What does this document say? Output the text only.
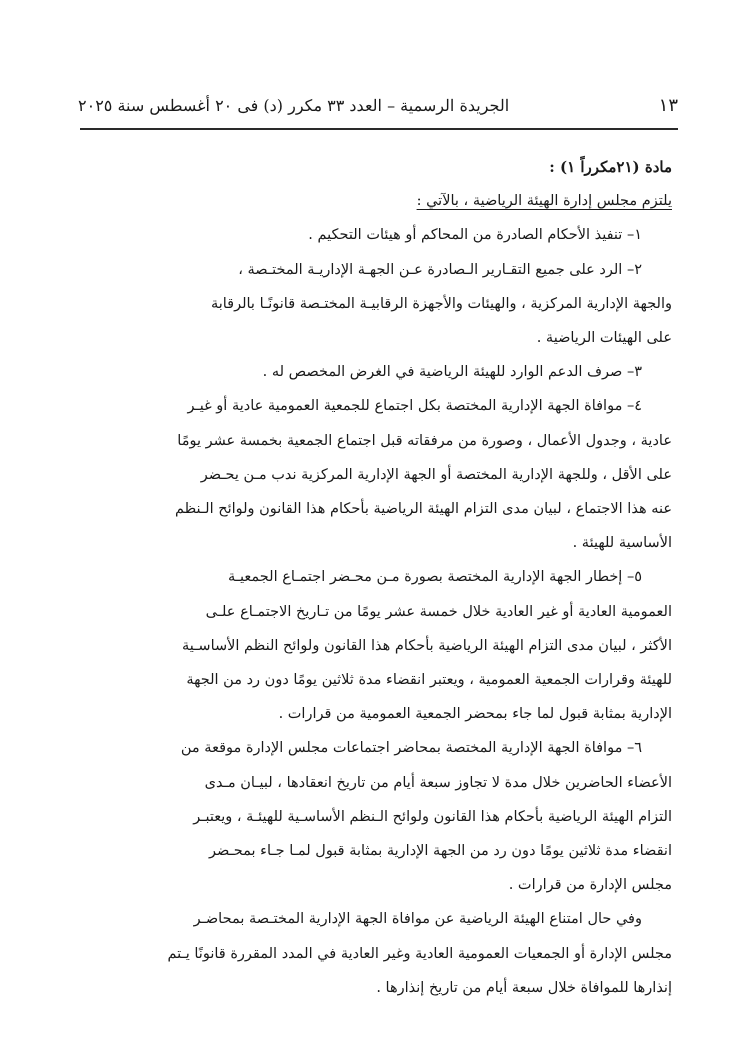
الجريدة الرسمية – العدد ٣٣ مكرر (د) فى ٢٠ أغسطس سنة ٢٠٢٥	١٣

مادة (٢١مكرراً ١) :

يلتزم مجلس إدارة الهيئة الرياضية ، بالآتي :

١– تنفيذ الأحكام الصادرة من المحاكم أو هيئات التحكيم .

٢– الرد على جميع التقـارير الـصادرة عـن الجهـة الإداريـة المختـصة ،

والجهة الإدارية المركزية ، والهيئات والأجهزة الرقابيـة المختـصة قانونًـا بالرقابة

على الهيئات الرياضية .

٣– صرف الدعم الوارد للهيئة الرياضية في الغرض المخصص له .

٤– موافاة الجهة الإدارية المختصة بكل اجتماع للجمعية العمومية عادية أو غيـر

عادية ، وجدول الأعمال ، وصورة من مرفقاته قبل اجتماع الجمعية بخمسة عشر يومًا

على الأقل ، وللجهة الإدارية المختصة أو الجهة الإدارية المركزية ندب مـن يحـضر

عنه هذا الاجتماع ، لبيان مدى التزام الهيئة الرياضية بأحكام هذا القانون ولوائح الـنظم

الأساسية للهيئة .

٥– إخطار الجهة الإدارية المختصة بصورة مـن محـضر اجتمـاع الجمعيـة

العمومية العادية أو غير العادية خلال خمسة عشر يومًا من تـاريخ الاجتمـاع علـى

الأكثر ، لبيان مدى التزام الهيئة الرياضية بأحكام هذا القانون ولوائح النظم الأساسـية

للهيئة وقرارات الجمعية العمومية ، ويعتبر انقضاء مدة ثلاثين يومًا دون رد من الجهة

الإدارية بمثابة قبول لما جاء بمحضر الجمعية العمومية من قرارات .

٦– موافاة الجهة الإدارية المختصة بمحاضر اجتماعات مجلس الإدارة موقعة من

الأعضاء الحاضرين خلال مدة لا تجاوز سبعة أيام من تاريخ انعقادها ، لبيـان مـدى

التزام الهيئة الرياضية بأحكام هذا القانون ولوائح الـنظم الأساسـية للهيئـة ، ويعتبـر

انقضاء مدة ثلاثين يومًا دون رد من الجهة الإدارية بمثابة قبول لمـا جـاء بمحـضر

مجلس الإدارة من قرارات .

وفي حال امتناع الهيئة الرياضية عن موافاة الجهة الإدارية المختـصة بمحاضـر

مجلس الإدارة أو الجمعيات العمومية العادية وغير العادية في المدد المقررة قانونًا يـتم

إنذارها للموافاة خلال سبعة أيام من تاريخ إنذارها .
